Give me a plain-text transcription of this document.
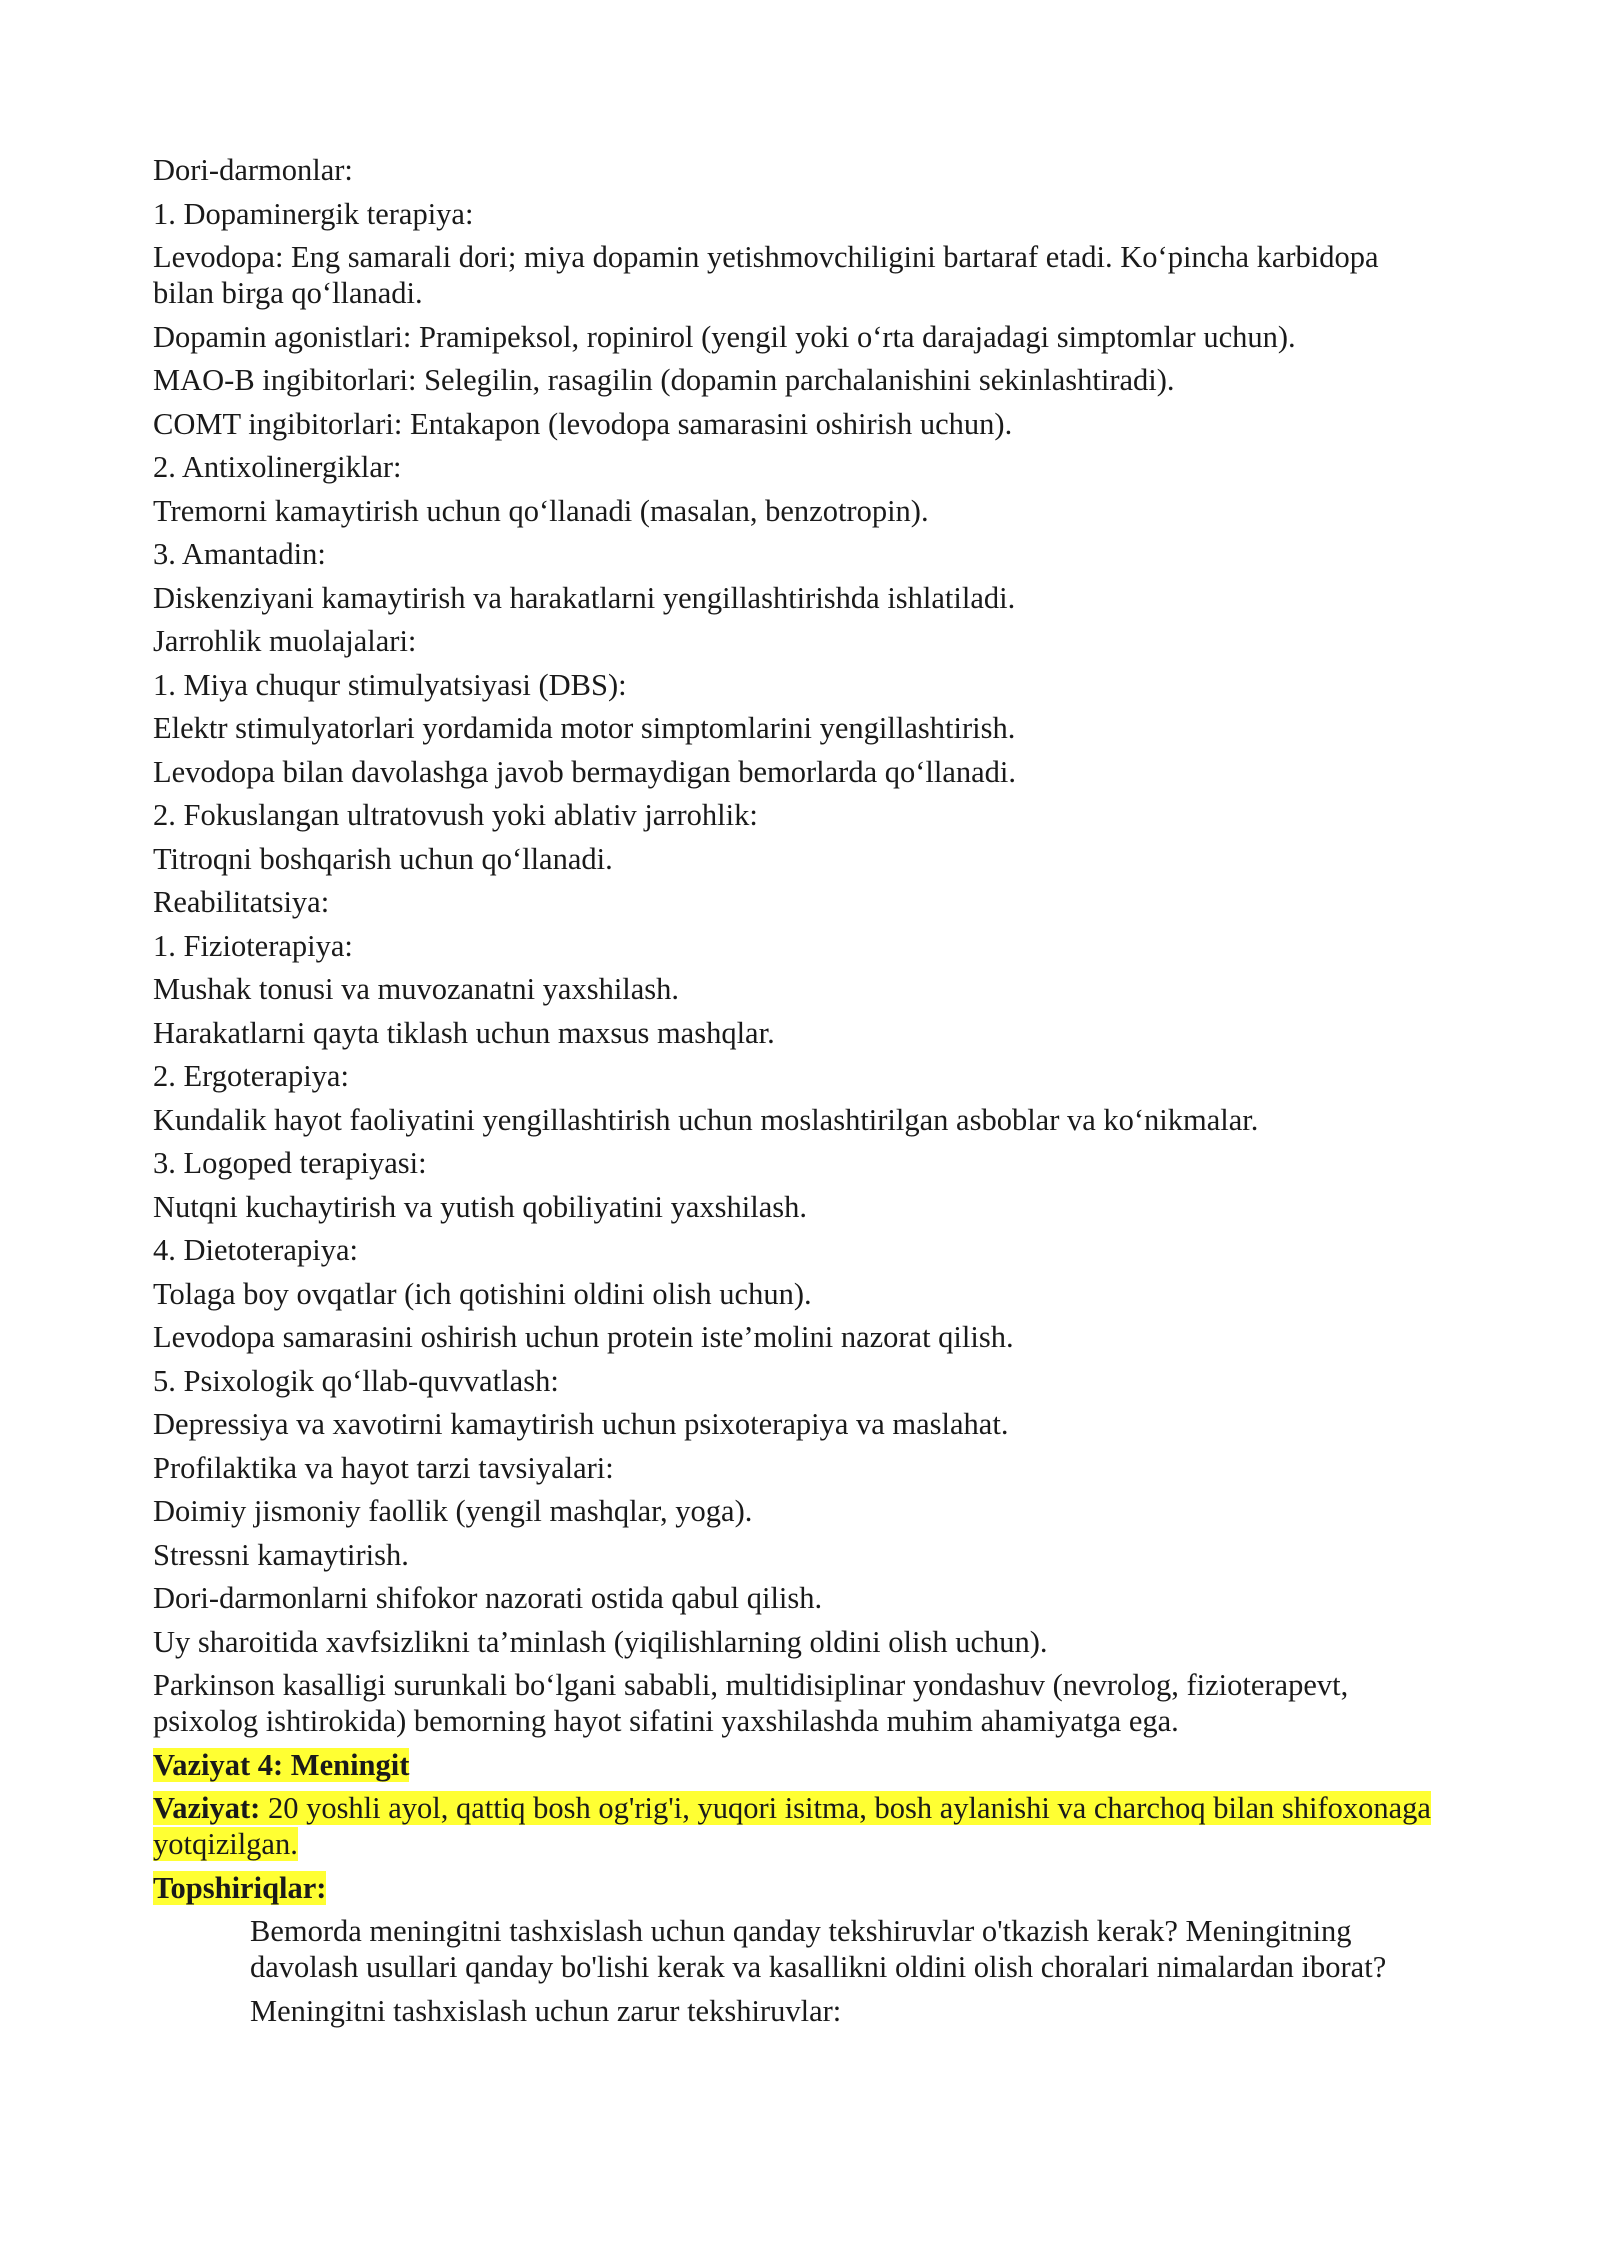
Dori-darmonlar:

1. Dopaminergik terapiya:

Levodopa: Eng samarali dori; miya dopamin yetishmovchiligini bartaraf etadi. Ko‘pincha karbidopa bilan birga qo‘llanadi.

Dopamin agonistlari: Pramipeksol, ropinirol (yengil yoki o‘rta darajadagi simptomlar uchun).

MAO-B ingibitorlari: Selegilin, rasagilin (dopamin parchalanishini sekinlashtiradi).

COMT ingibitorlari: Entakapon (levodopa samarasini oshirish uchun).

2. Antixolinergiklar:

Tremorni kamaytirish uchun qo‘llanadi (masalan, benzotropin).

3. Amantadin:

Diskenziyani kamaytirish va harakatlarni yengillashtirishda ishlatiladi.

Jarrohlik muolajalari:

1. Miya chuqur stimulyatsiyasi (DBS):

Elektr stimulyatorlari yordamida motor simptomlarini yengillashtirish.

Levodopa bilan davolashga javob bermaydigan bemorlarda qo‘llanadi.

2. Fokuslangan ultratovush yoki ablativ jarrohlik:

Titroqni boshqarish uchun qo‘llanadi.

Reabilitatsiya:

1. Fizioterapiya:

Mushak tonusi va muvozanatni yaxshilash.

Harakatlarni qayta tiklash uchun maxsus mashqlar.

2. Ergoterapiya:

Kundalik hayot faoliyatini yengillashtirish uchun moslashtirilgan asboblar va ko‘nikmalar.

3. Logoped terapiyasi:

Nutqni kuchaytirish va yutish qobiliyatini yaxshilash.

4. Dietoterapiya:

Tolaga boy ovqatlar (ich qotishini oldini olish uchun).

Levodopa samarasini oshirish uchun protein iste’molini nazorat qilish.

5. Psixologik qo‘llab-quvvatlash:

Depressiya va xavotirni kamaytirish uchun psixoterapiya va maslahat.

Profilaktika va hayot tarzi tavsiyalari:

Doimiy jismoniy faollik (yengil mashqlar, yoga).

Stressni kamaytirish.

Dori-darmonlarni shifokor nazorati ostida qabul qilish.

Uy sharoitida xavfsizlikni ta’minlash (yiqilishlarning oldini olish uchun).

Parkinson kasalligi surunkali bo‘lgani sababli, multidisiplinar yondashuv (nevrolog, fizioterapevt, psixolog ishtirokida) bemorning hayot sifatini yaxshilashda muhim ahamiyatga ega.

Vaziyat 4: Meningit

Vaziyat: 20 yoshli ayol, qattiq bosh og'rig'i, yuqori isitma, bosh aylanishi va charchoq bilan shifoxonaga yotqizilgan.

Topshiriqlar:

Bemorda meningitni tashxislash uchun qanday tekshiruvlar o'tkazish kerak? Meningitning davolash usullari qanday bo'lishi kerak va kasallikni oldini olish choralari nimalardan iborat?

Meningitni tashxislash uchun zarur tekshiruvlar:
